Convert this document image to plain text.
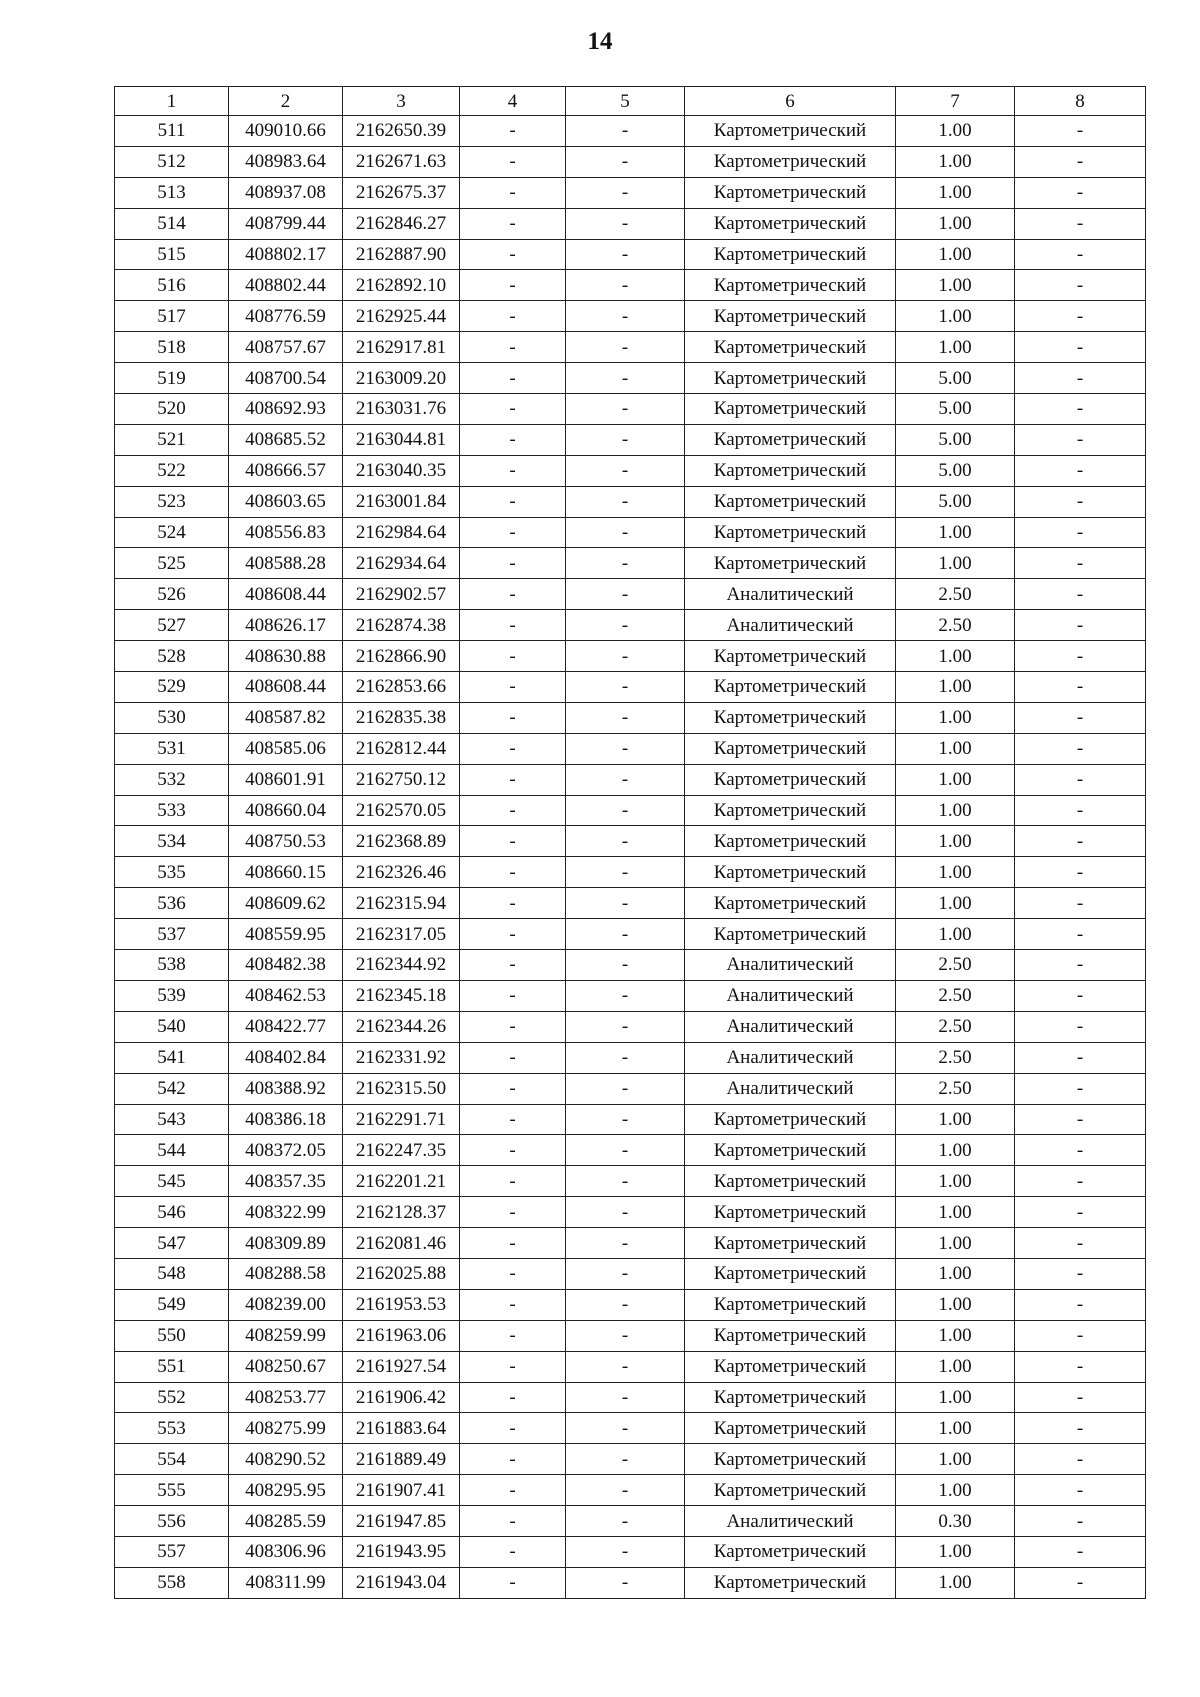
14
1	2	3	4	5	6	7	8
511	409010.66	2162650.39	-	-	Картометрический	1.00	-
512	408983.64	2162671.63	-	-	Картометрический	1.00	-
513	408937.08	2162675.37	-	-	Картометрический	1.00	-
514	408799.44	2162846.27	-	-	Картометрический	1.00	-
515	408802.17	2162887.90	-	-	Картометрический	1.00	-
516	408802.44	2162892.10	-	-	Картометрический	1.00	-
517	408776.59	2162925.44	-	-	Картометрический	1.00	-
518	408757.67	2162917.81	-	-	Картометрический	1.00	-
519	408700.54	2163009.20	-	-	Картометрический	5.00	-
520	408692.93	2163031.76	-	-	Картометрический	5.00	-
521	408685.52	2163044.81	-	-	Картометрический	5.00	-
522	408666.57	2163040.35	-	-	Картометрический	5.00	-
523	408603.65	2163001.84	-	-	Картометрический	5.00	-
524	408556.83	2162984.64	-	-	Картометрический	1.00	-
525	408588.28	2162934.64	-	-	Картометрический	1.00	-
526	408608.44	2162902.57	-	-	Аналитический	2.50	-
527	408626.17	2162874.38	-	-	Аналитический	2.50	-
528	408630.88	2162866.90	-	-	Картометрический	1.00	-
529	408608.44	2162853.66	-	-	Картометрический	1.00	-
530	408587.82	2162835.38	-	-	Картометрический	1.00	-
531	408585.06	2162812.44	-	-	Картометрический	1.00	-
532	408601.91	2162750.12	-	-	Картометрический	1.00	-
533	408660.04	2162570.05	-	-	Картометрический	1.00	-
534	408750.53	2162368.89	-	-	Картометрический	1.00	-
535	408660.15	2162326.46	-	-	Картометрический	1.00	-
536	408609.62	2162315.94	-	-	Картометрический	1.00	-
537	408559.95	2162317.05	-	-	Картометрический	1.00	-
538	408482.38	2162344.92	-	-	Аналитический	2.50	-
539	408462.53	2162345.18	-	-	Аналитический	2.50	-
540	408422.77	2162344.26	-	-	Аналитический	2.50	-
541	408402.84	2162331.92	-	-	Аналитический	2.50	-
542	408388.92	2162315.50	-	-	Аналитический	2.50	-
543	408386.18	2162291.71	-	-	Картометрический	1.00	-
544	408372.05	2162247.35	-	-	Картометрический	1.00	-
545	408357.35	2162201.21	-	-	Картометрический	1.00	-
546	408322.99	2162128.37	-	-	Картометрический	1.00	-
547	408309.89	2162081.46	-	-	Картометрический	1.00	-
548	408288.58	2162025.88	-	-	Картометрический	1.00	-
549	408239.00	2161953.53	-	-	Картометрический	1.00	-
550	408259.99	2161963.06	-	-	Картометрический	1.00	-
551	408250.67	2161927.54	-	-	Картометрический	1.00	-
552	408253.77	2161906.42	-	-	Картометрический	1.00	-
553	408275.99	2161883.64	-	-	Картометрический	1.00	-
554	408290.52	2161889.49	-	-	Картометрический	1.00	-
555	408295.95	2161907.41	-	-	Картометрический	1.00	-
556	408285.59	2161947.85	-	-	Аналитический	0.30	-
557	408306.96	2161943.95	-	-	Картометрический	1.00	-
558	408311.99	2161943.04	-	-	Картометрический	1.00	-
